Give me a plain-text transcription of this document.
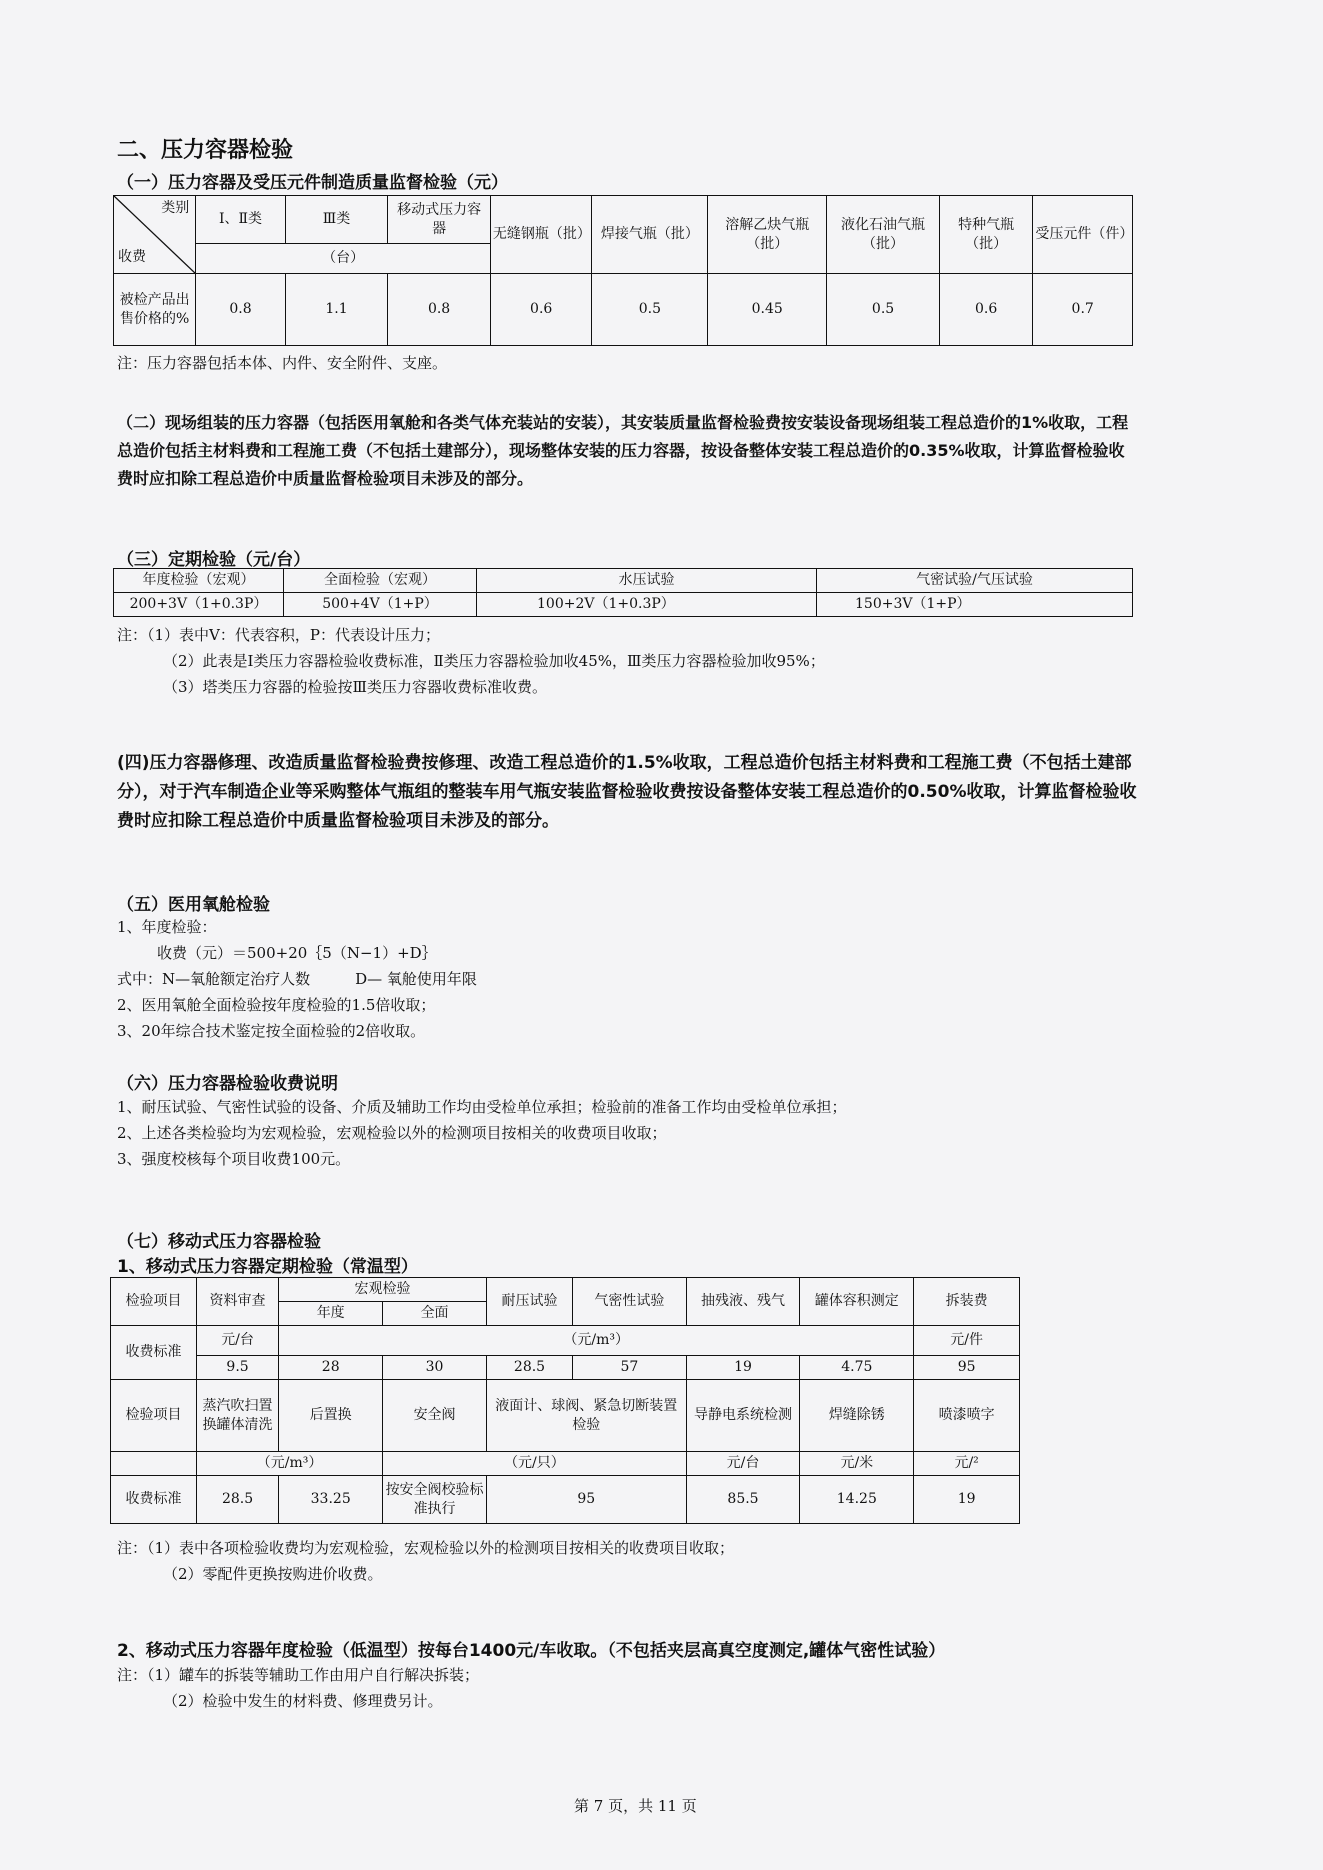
二、压力容器检验
（一）压力容器及受压元件制造质量监督检验（元）
类别
收费	Ⅰ、Ⅱ类	Ⅲ类	移动式压力容器	无缝钢瓶（批）	焊接气瓶（批）	溶解乙炔气瓶（批）	液化石油气瓶（批）	特种气瓶（批）	受压元件（件）
	（台）								
被检产品出售价格的%	0.8	1.1	0.8	0.6	0.5	0.45	0.5	0.6	0.7
注：压力容器包括本体、内件、安全附件、支座。
（二）现场组装的压力容器（包括医用氧舱和各类气体充装站的安装），其安装质量监督检验费按安装设备现场组装工程总造价的1%收取，工程总造价包括主材料费和工程施工费（不包括土建部分），现场整体安装的压力容器，按设备整体安装工程总造价的0.35%收取，计算监督检验收费时应扣除工程总造价中质量监督检验项目未涉及的部分。
（三）定期检验（元/台）
年度检验（宏观）	全面检验（宏观）	水压试验	气密试验/气压试验
200+3V（1+0.3P）	500+4V（1+P）	100+2V（1+0.3P）	150+3V（1+P）
注：（1）表中V：代表容积，P：代表设计压力；
（2）此表是Ⅰ类压力容器检验收费标准，Ⅱ类压力容器检验加收45%，Ⅲ类压力容器检验加收95%；
（3）塔类压力容器的检验按Ⅲ类压力容器收费标准收费。
(四)压力容器修理、改造质量监督检验费按修理、改造工程总造价的1.5%收取，工程总造价包括主材料费和工程施工费（不包括土建部分），对于汽车制造企业等采购整体气瓶组的整装车用气瓶安装监督检验收费按设备整体安装工程总造价的0.50%收取，计算监督检验收费时应扣除工程总造价中质量监督检验项目未涉及的部分。
（五）医用氧舱检验
1、年度检验：
收费（元）＝500+20｛5（N−1）+D｝
式中：N—氧舱额定治疗人数　　　D— 氧舱使用年限
2、医用氧舱全面检验按年度检验的1.5倍收取；
3、20年综合技术鉴定按全面检验的2倍收取。
（六）压力容器检验收费说明
1、耐压试验、气密性试验的设备、介质及辅助工作均由受检单位承担；检验前的准备工作均由受检单位承担；
2、上述各类检验均为宏观检验，宏观检验以外的检测项目按相关的收费项目收取；
3、强度校核每个项目收费100元。
（七）移动式压力容器检验
1、移动式压力容器定期检验（常温型）
检验项目	资料审查	宏观检验		耐压试验	气密性试验	抽残液、残气	罐体容积测定	拆装费
		年度	全面					
收费标准	元/台	（元/m³）						元/件
	9.5	28	30	28.5	57	19	4.75	95
检验项目	蒸汽吹扫置换罐体清洗	后置换	安全阀	液面计、球阀、紧急切断装置检验		导静电系统检测	焊缝除锈	喷漆喷字
	（元/m³）		（元/只）			元/台	元/米	元/²
收费标准	28.5	33.25	按安全阀校验标准执行	95		85.5	14.25	19
注：（1）表中各项检验收费均为宏观检验，宏观检验以外的检测项目按相关的收费项目收取；
（2）零配件更换按购进价收费。
2、移动式压力容器年度检验（低温型）按每台1400元/车收取。（不包括夹层高真空度测定,罐体气密性试验）
注：（1）罐车的拆装等辅助工作由用户自行解决拆装；
（2）检验中发生的材料费、修理费另计。
第 7 页，共 11 页
